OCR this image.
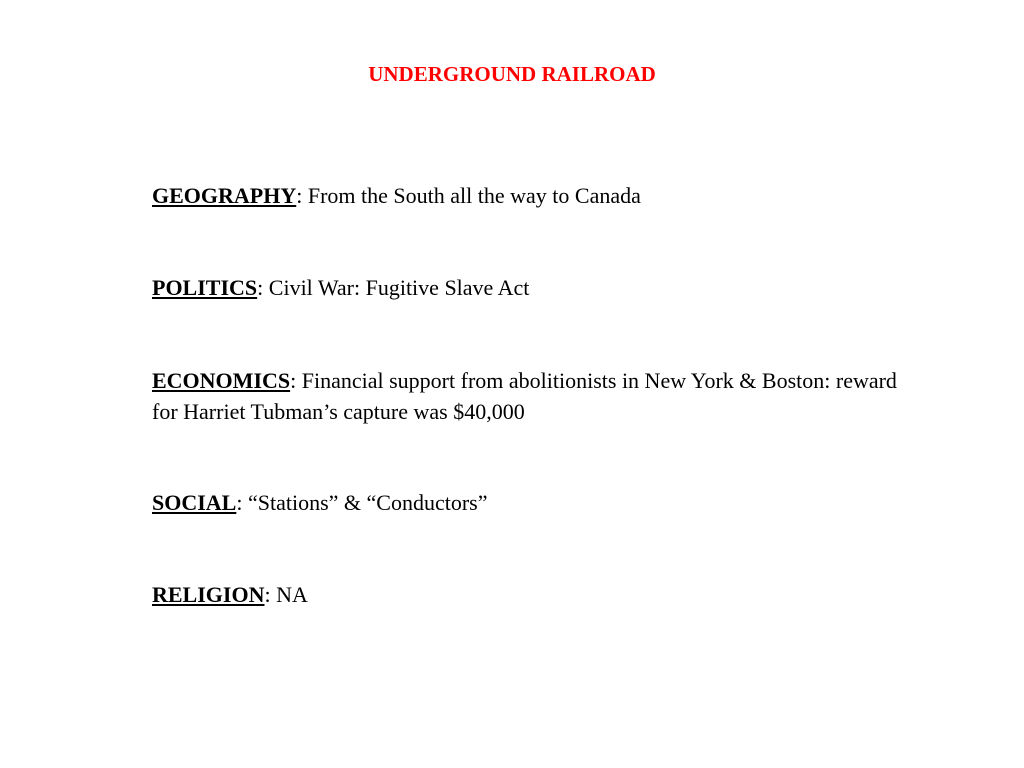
UNDERGROUND RAILROAD

GEOGRAPHY: From the South all the way to Canada

POLITICS: Civil War: Fugitive Slave Act

ECONOMICS: Financial support from abolitionists in New York & Boston: reward for Harriet Tubman’s capture was $40,000

SOCIAL: “Stations” & “Conductors”

RELIGION: NA
